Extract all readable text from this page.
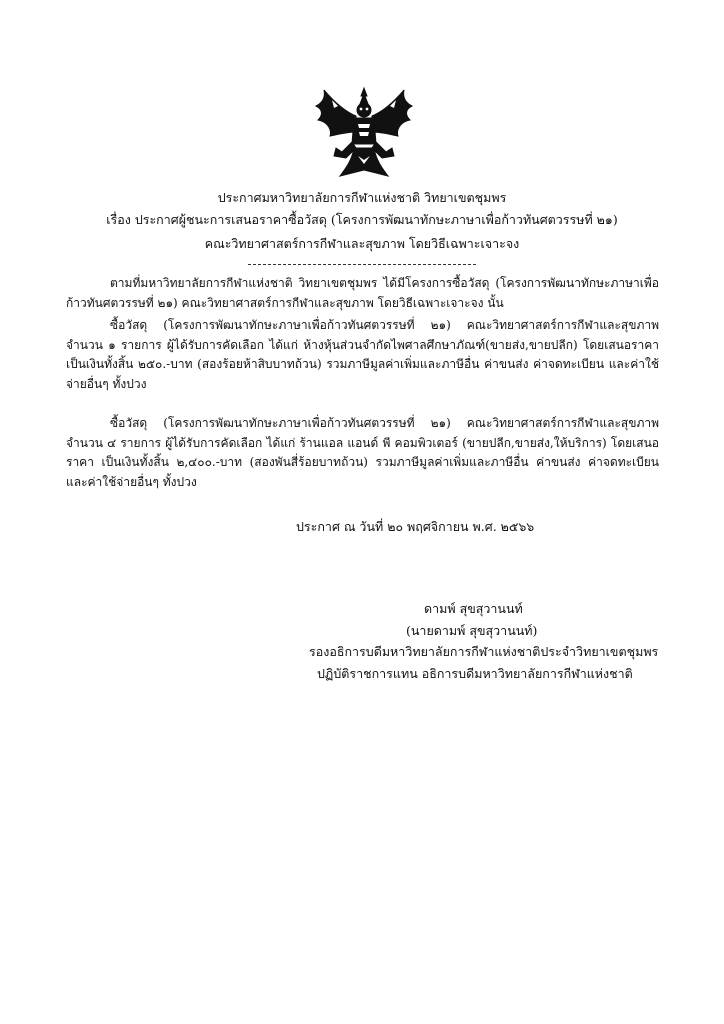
ประกาศมหาวิทยาลัยการกีฬาแห่งชาติ วิทยาเขตชุมพร
เรื่อง ประกาศผู้ชนะการเสนอราคาซื้อวัสดุ (โครงการพัฒนาทักษะภาษาเพื่อก้าวทันศตวรรษที่ ๒๑)
คณะวิทยาศาสตร์การกีฬาและสุขภาพ โดยวิธีเฉพาะเจาะจง

ตามที่มหาวิทยาลัยการกีฬาแห่งชาติ วิทยาเขตชุมพร ได้มีโครงการซื้อวัสดุ (โครงการพัฒนาทักษะภาษาเพื่อก้าวทันศตวรรษที่ ๒๑) คณะวิทยาศาสตร์การกีฬาและสุขภาพ โดยวิธีเฉพาะเจาะจง นั้น

ซื้อวัสดุ (โครงการพัฒนาทักษะภาษาเพื่อก้าวทันศตวรรษที่ ๒๑) คณะวิทยาศาสตร์การกีฬาและสุขภาพ จำนวน ๑ รายการ ผู้ได้รับการคัดเลือก ได้แก่ ห้างหุ้นส่วนจำกัดไพศาลศึกษาภัณฑ์(ขายส่ง,ขายปลีก) โดยเสนอราคา เป็นเงินทั้งสิ้น ๒๕๐.-บาท (สองร้อยห้าสิบบาทถ้วน) รวมภาษีมูลค่าเพิ่มและภาษีอื่น ค่าขนส่ง ค่าจดทะเบียน และค่าใช้จ่ายอื่นๆ ทั้งปวง

ซื้อวัสดุ (โครงการพัฒนาทักษะภาษาเพื่อก้าวทันศตวรรษที่ ๒๑) คณะวิทยาศาสตร์การกีฬาและสุขภาพ จำนวน ๔ รายการ ผู้ได้รับการคัดเลือก ได้แก่ ร้านแอล แอนด์ พี คอมพิวเตอร์ (ขายปลีก,ขายส่ง,ให้บริการ) โดยเสนอราคา เป็นเงินทั้งสิ้น ๒,๔๐๐.-บาท (สองพันสี่ร้อยบาทถ้วน) รวมภาษีมูลค่าเพิ่มและภาษีอื่น ค่าขนส่ง ค่าจดทะเบียน และค่าใช้จ่ายอื่นๆ ทั้งปวง

ประกาศ ณ วันที่ ๒๐ พฤศจิกายน พ.ศ. ๒๕๖๖
ดามพ์ สุขสุวานนท์
(นายดามพ์ สุขสุวานนท์)
รองอธิการบดีมหาวิทยาลัยการกีฬาแห่งชาติประจำวิทยาเขตชุมพร
ปฏิบัติราชการแทน อธิการบดีมหาวิทยาลัยการกีฬาแห่งชาติ
